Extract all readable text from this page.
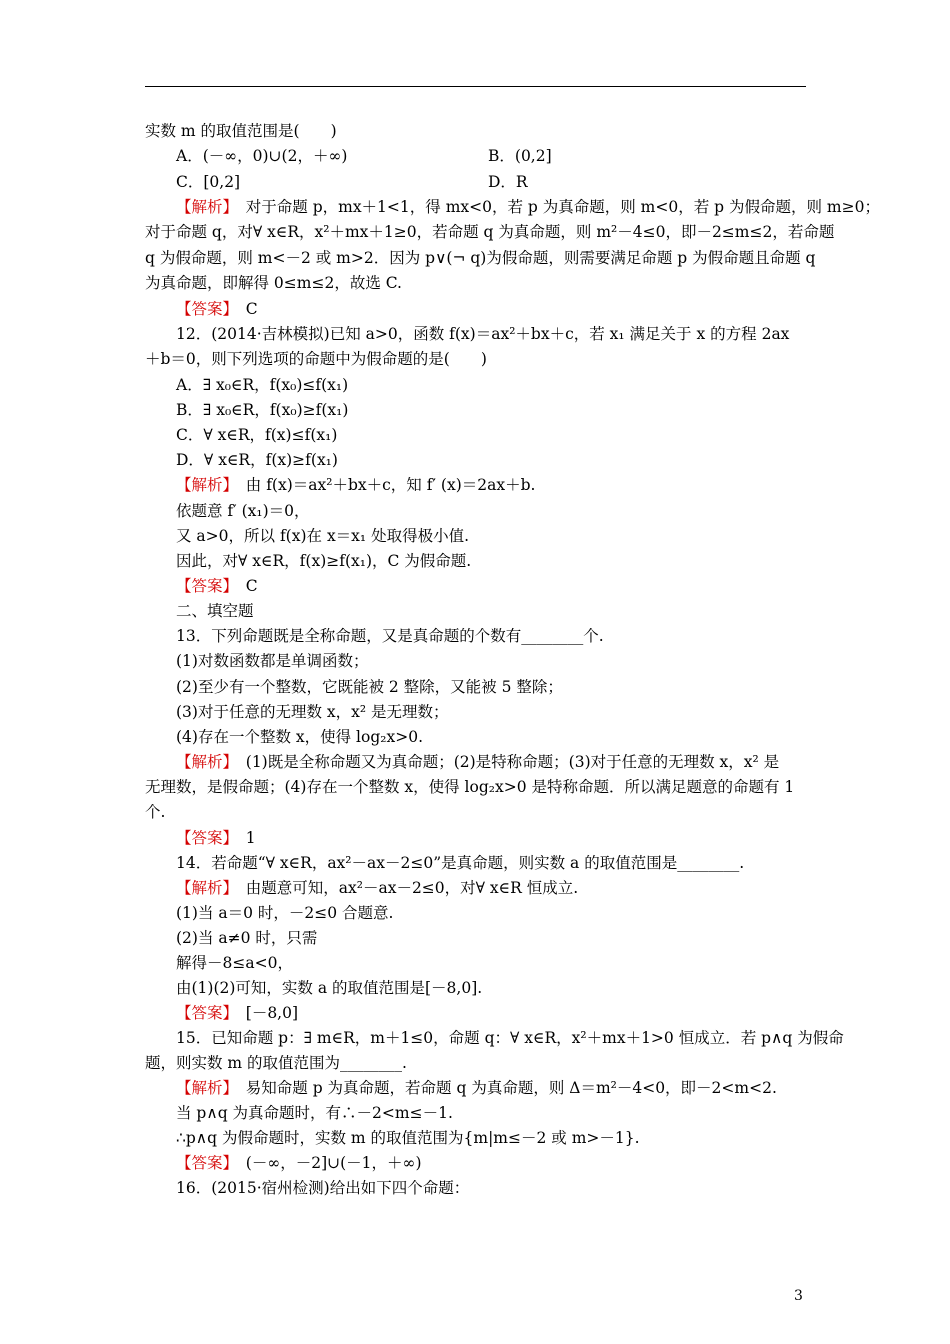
实数 m 的取值范围是(　　)
A．(－∞，0)∪(2，＋∞)	B．(0,2]
C．[0,2]	D．R
【解析】　对于命题 p，mx＋1<1，得 mx<0，若 p 为真命题，则 m<0，若 p 为假命题，则 m≥0；
对于命题 q，对∀ x∈R，x²＋mx＋1≥0，若命题 q 为真命题，则 m²－4≤0，即－2≤m≤2，若命题
q 为假命题，则 m<－2 或 m>2．因为 p∨(¬ q)为假命题，则需要满足命题 p 为假命题且命题 q
为真命题，即解得 0≤m≤2，故选 C.
【答案】　C
12．(2014·吉林模拟)已知 a>0，函数 f(x)＝ax²＋bx＋c，若 x₁ 满足关于 x 的方程 2ax
＋b＝0，则下列选项的命题中为假命题的是(　　)
A．∃ x₀∈R，f(x₀)≤f(x₁)
B．∃ x₀∈R，f(x₀)≥f(x₁)
C．∀ x∈R，f(x)≤f(x₁)
D．∀ x∈R，f(x)≥f(x₁)
【解析】　由 f(x)＝ax²＋bx＋c，知 f′ (x)＝2ax＋b.
依题意 f′ (x₁)＝0，
又 a>0，所以 f(x)在 x＝x₁ 处取得极小值.
因此，对∀ x∈R，f(x)≥f(x₁)，C 为假命题.
【答案】　C
二、填空题
13．下列命题既是全称命题，又是真命题的个数有________个.
(1)对数函数都是单调函数；
(2)至少有一个整数，它既能被 2 整除，又能被 5 整除；
(3)对于任意的无理数 x，x² 是无理数；
(4)存在一个整数 x，使得 log₂x>0.
【解析】　(1)既是全称命题又为真命题；(2)是特称命题；(3)对于任意的无理数 x，x² 是
无理数，是假命题；(4)存在一个整数 x，使得 log₂x>0 是特称命题．所以满足题意的命题有 1
个.
【答案】　1
14．若命题“∀ x∈R，ax²－ax－2≤0”是真命题，则实数 a 的取值范围是________.
【解析】　由题意可知，ax²－ax－2≤0，对∀ x∈R 恒成立.
(1)当 a＝0 时，－2≤0 合题意.
(2)当 a≠0 时，只需
解得－8≤a<0，
由(1)(2)可知，实数 a 的取值范围是[－8,0].
【答案】　[－8,0]
15．已知命题 p：∃ m∈R，m＋1≤0，命题 q：∀ x∈R，x²＋mx＋1>0 恒成立．若 p∧q 为假命
题，则实数 m 的取值范围为________.
【解析】　易知命题 p 为真命题，若命题 q 为真命题，则 Δ＝m²－4<0，即－2<m<2.
当 p∧q 为真命题时，有∴－2<m≤－1.
∴p∧q 为假命题时，实数 m 的取值范围为{m|m≤－2 或 m>－1}.
【答案】　(－∞，－2]∪(－1，＋∞)
16．(2015·宿州检测)给出如下四个命题：
3
